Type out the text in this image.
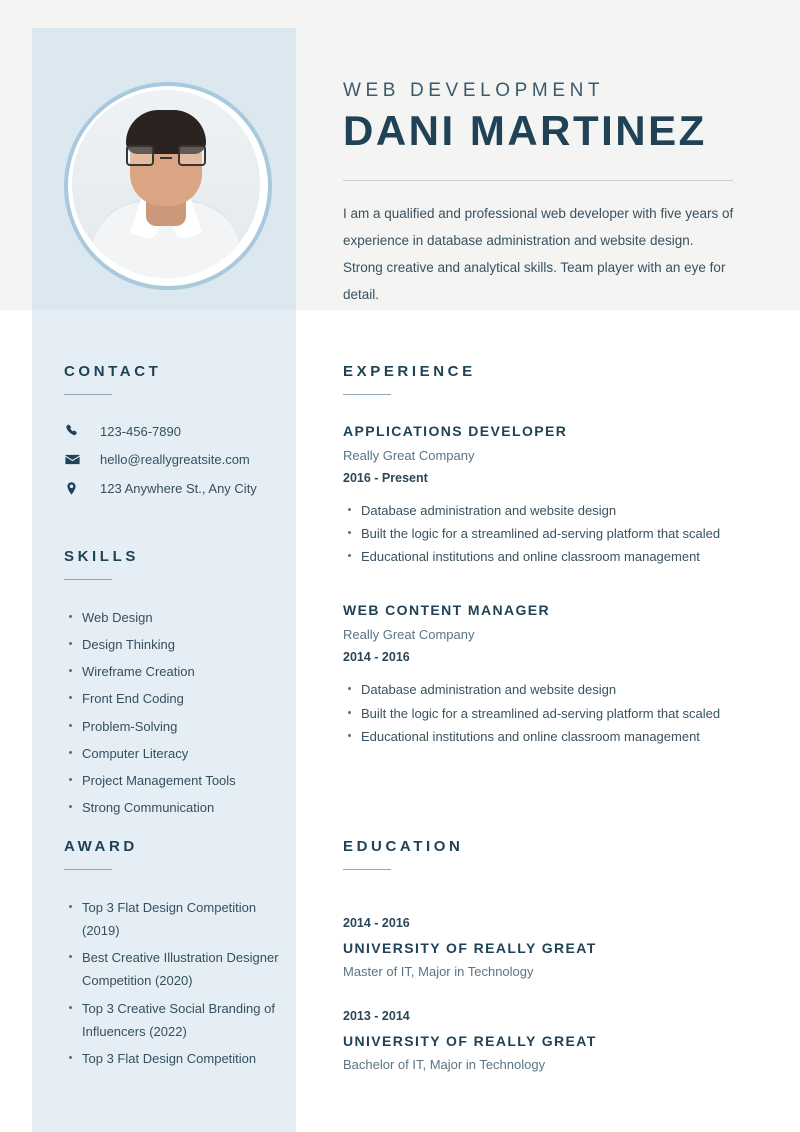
WEB DEVELOPMENT

DANI MARTINEZ
I am a qualified and professional web developer with five years of experience in database administration and website design. Strong creative and analytical skills. Team player with an eye for detail.
CONTACT
123-456-7890
hello@reallygreatsite.com
123 Anywhere St., Any City
SKILLS
Web Design
Design Thinking
Wireframe Creation
Front End Coding
Problem-Solving
Computer Literacy
Project Management Tools
Strong Communication
AWARD
Top 3 Flat Design Competition (2019)
Best Creative Illustration Designer Competition (2020)
Top 3 Creative Social Branding of Influencers (2022)
Top 3 Flat Design Competition
EXPERIENCE
APPLICATIONS DEVELOPER

Really Great Company

2016 - Present

Database administration and website design
Built the logic for a streamlined ad-serving platform that scaled
Educational institutions and online classroom management
WEB CONTENT MANAGER

Really Great Company

2014 - 2016

Database administration and website design
Built the logic for a streamlined ad-serving platform that scaled
Educational institutions and online classroom management
EDUCATION

2014 - 2016

UNIVERSITY OF REALLY GREAT

Master of IT, Major in Technology

2013 - 2014

UNIVERSITY OF REALLY GREAT

Bachelor of IT, Major in Technology
